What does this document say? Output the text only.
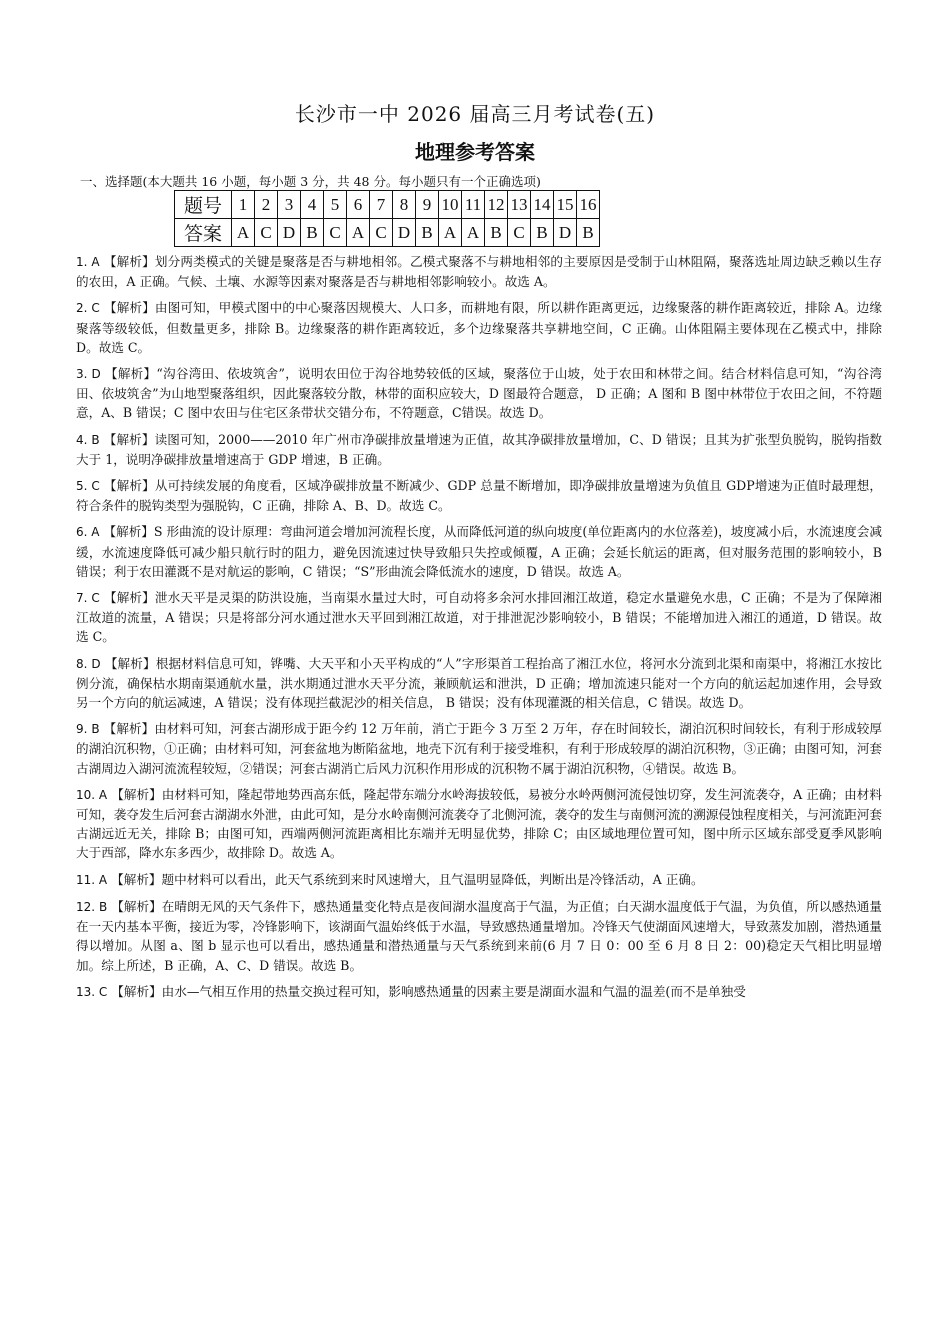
长沙市一中 2026 届高三月考试卷(五)
地理参考答案
一、选择题(本大题共 16 小题，每小题 3 分，共 48 分。每小题只有一个正确选项)
题号	1	2	3	4	5	6	7	8	9	10	11	12	13	14	15	16
答案	A	C	D	B	C	A	C	D	B	A	A	B	C	B	D	B
1. A 【解析】划分两类模式的关键是聚落是否与耕地相邻。乙模式聚落不与耕地相邻的主要原因是受制于山林阻隔，聚落选址周边缺乏赖以生存的农田，A 正确。气候、土壤、水源等因素对聚落是否与耕地相邻影响较小。故选 A。
2. C 【解析】由图可知，甲模式图中的中心聚落因规模大、人口多，而耕地有限，所以耕作距离更远，边缘聚落的耕作距离较近，排除 A。边缘聚落等级较低，但数量更多，排除 B。边缘聚落的耕作距离较近，多个边缘聚落共享耕地空间，C 正确。山体阻隔主要体现在乙模式中，排除 D。故选 C。
3. D 【解析】“沟谷湾田、依坡筑舍”，说明农田位于沟谷地势较低的区域，聚落位于山坡，处于农田和林带之间。结合材料信息可知，“沟谷湾田、依坡筑舍”为山地型聚落组织，因此聚落较分散，林带的面积应较大，D 图最符合题意， D 正确；A 图和 B 图中林带位于农田之间，不符题意，A、B 错误；C 图中农田与住宅区条带状交错分布，不符题意，C错误。故选 D。
4. B 【解析】读图可知，2000——2010 年广州市净碳排放量增速为正值，故其净碳排放量增加，C、D 错误；且其为扩张型负脱钩，脱钩指数大于 1，说明净碳排放量增速高于 GDP 增速，B 正确。
5. C 【解析】从可持续发展的角度看，区域净碳排放量不断减少、GDP 总量不断增加，即净碳排放量增速为负值且 GDP增速为正值时最理想，符合条件的脱钩类型为强脱钩，C 正确，排除 A、B、D。故选 C。
6. A 【解析】S 形曲流的设计原理：弯曲河道会增加河流程长度，从而降低河道的纵向坡度(单位距离内的水位落差)，坡度减小后，水流速度会减缓，水流速度降低可减少船只航行时的阻力，避免因流速过快导致船只失控或倾覆，A 正确；会延长航运的距离，但对服务范围的影响较小，B 错误；利于农田灌溉不是对航运的影响，C 错误；“S”形曲流会降低流水的速度，D 错误。故选 A。
7. C 【解析】泄水天平是灵渠的防洪设施，当南渠水量过大时，可自动将多余河水排回湘江故道，稳定水量避免水患，C 正确；不是为了保障湘江故道的流量，A 错误；只是将部分河水通过泄水天平回到湘江故道，对于排泄泥沙影响较小，B 错误；不能增加进入湘江的通道，D 错误。故选 C。
8. D 【解析】根据材料信息可知，铧嘴、大天平和小天平构成的“人”字形渠首工程抬高了湘江水位，将河水分流到北渠和南渠中，将湘江水按比例分流，确保枯水期南渠通航水量，洪水期通过泄水天平分流，兼顾航运和泄洪，D 正确；增加流速只能对一个方向的航运起加速作用，会导致另一个方向的航运减速，A 错误；没有体现拦截泥沙的相关信息， B 错误；没有体现灌溉的相关信息，C 错误。故选 D。
9. B 【解析】由材料可知，河套古湖形成于距今约 12 万年前，消亡于距今 3 万至 2 万年，存在时间较长，湖泊沉积时间较长，有利于形成较厚的湖泊沉积物，①正确；由材料可知，河套盆地为断陷盆地，地壳下沉有利于接受堆积，有利于形成较厚的湖泊沉积物，③正确；由图可知，河套古湖周边入湖河流流程较短，②错误；河套古湖消亡后风力沉积作用形成的沉积物不属于湖泊沉积物，④错误。故选 B。
10. A 【解析】由材料可知，隆起带地势西高东低，隆起带东端分水岭海拔较低，易被分水岭两侧河流侵蚀切穿，发生河流袭夺，A 正确；由材料可知，袭夺发生后河套古湖湖水外泄，由此可知，是分水岭南侧河流袭夺了北侧河流，袭夺的发生与南侧河流的溯源侵蚀程度相关，与河流距河套古湖远近无关，排除 B；由图可知，西端两侧河流距离相比东端并无明显优势，排除 C；由区域地理位置可知，图中所示区域东部受夏季风影响大于西部，降水东多西少，故排除 D。故选 A。
11. A 【解析】题中材料可以看出，此天气系统到来时风速增大，且气温明显降低，判断出是冷锋活动，A 正确。
12. B 【解析】在晴朗无风的天气条件下，感热通量变化特点是夜间湖水温度高于气温，为正值；白天湖水温度低于气温，为负值，所以感热通量在一天内基本平衡，接近为零，冷锋影响下，该湖面气温始终低于水温，导致感热通量增加。冷锋天气使湖面风速增大，导致蒸发加剧，潜热通量得以增加。从图 a、图 b 显示也可以看出，感热通量和潜热通量与天气系统到来前(6 月 7 日 0：00 至 6 月 8 日 2：00)稳定天气相比明显增加。综上所述，B 正确，A、C、D 错误。故选 B。
13. C 【解析】由水—气相互作用的热量交换过程可知，影响感热通量的因素主要是湖面水温和气温的温差(而不是单独受
